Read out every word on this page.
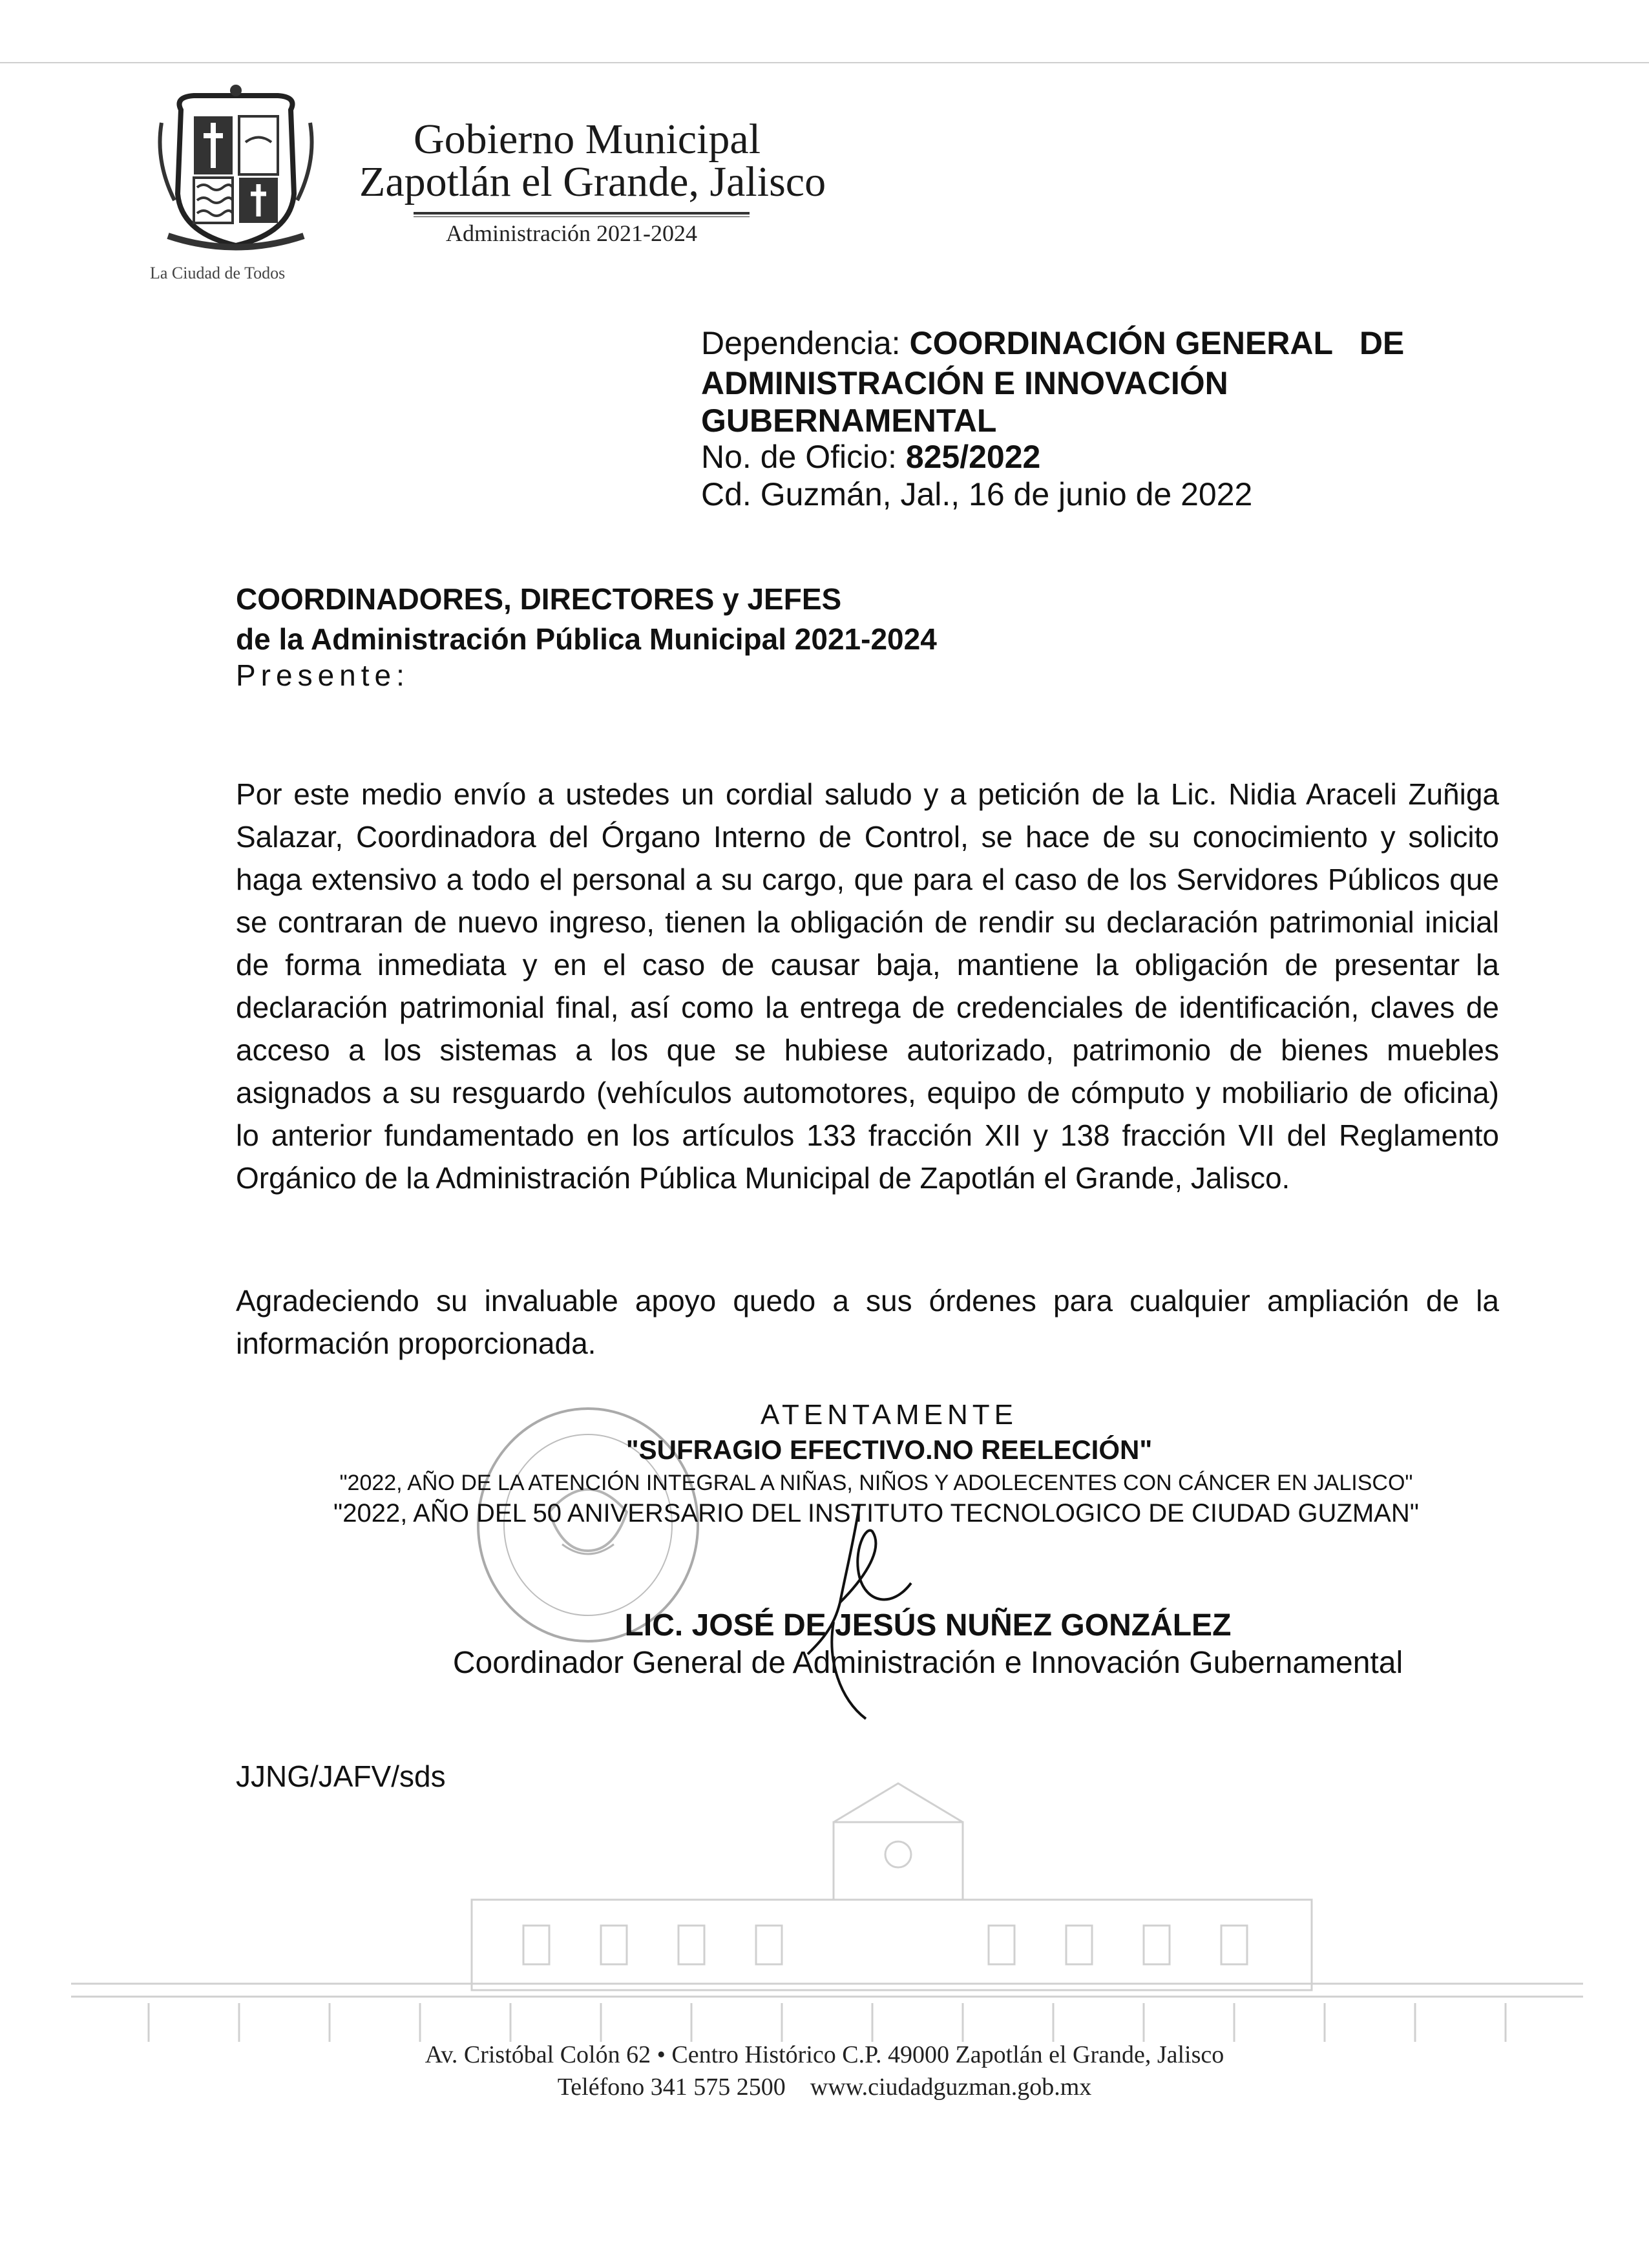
La Ciudad de Todos
Gobierno Municipal
Zapotlán el Grande, Jalisco
Administración 2021-2024
Dependencia: COORDINACIÓN GENERAL   DE
ADMINISTRACIÓN E INNOVACIÓN
GUBERNAMENTAL
No. de Oficio: 825/2022
Cd. Guzmán, Jal., 16 de junio de 2022
COORDINADORES, DIRECTORES y JEFES
de la Administración Pública Municipal 2021-2024
Presente:
Por este medio envío a ustedes un cordial saludo y a petición de la Lic. Nidia Araceli Zuñiga Salazar, Coordinadora del Órgano Interno de Control, se hace de su conocimiento y solicito haga extensivo a todo el personal a su cargo, que para el caso de los Servidores Públicos que se contraran de nuevo ingreso, tienen la obligación de rendir su declaración patrimonial inicial de forma inmediata y en el caso de causar baja, mantiene la obligación de presentar la declaración patrimonial final, así como la entrega de credenciales de identificación, claves de acceso a los sistemas a los que se hubiese autorizado, patrimonio de bienes muebles asignados a su resguardo (vehículos automotores, equipo de cómputo y mobiliario de oficina) lo anterior fundamentado en los artículos 133 fracción XII y 138 fracción VII del Reglamento Orgánico de la Administración Pública Municipal de Zapotlán el Grande, Jalisco.
Agradeciendo su invaluable apoyo quedo a sus órdenes para cualquier ampliación de la información proporcionada.
ATENTAMENTE
"SUFRAGIO EFECTIVO.NO REELECIÓN"
"2022, AÑO DE LA ATENCIÓN INTEGRAL A NIÑAS, NIÑOS Y ADOLECENTES CON CÁNCER EN JALISCO"
"2022, AÑO DEL 50 ANIVERSARIO DEL INSTITUTO TECNOLOGICO DE CIUDAD GUZMAN"
LIC. JOSÉ DE JESÚS NUÑEZ GONZÁLEZ
Coordinador General de Administración e Innovación Gubernamental
JJNG/JAFV/sds
Av. Cristóbal Colón 62 • Centro Histórico C.P. 49000 Zapotlán el Grande, Jalisco
Teléfono 341 575 2500    www.ciudadguzman.gob.mx
